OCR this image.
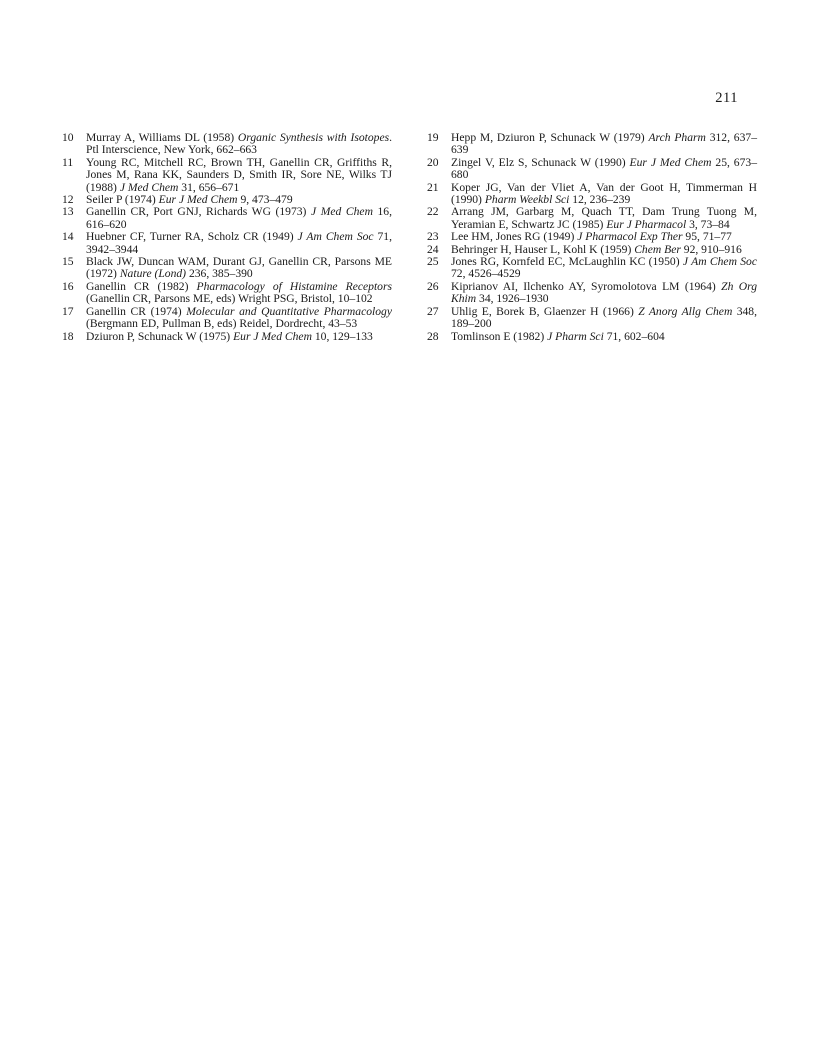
211
10	Murray A, Williams DL (1958) Organic Synthesis with Isotopes. Ptl Interscience, New York, 662–663
11	Young RC, Mitchell RC, Brown TH, Ganellin CR, Griffiths R, Jones M, Rana KK, Saunders D, Smith IR, Sore NE, Wilks TJ (1988) J Med Chem 31, 656–671
12	Seiler P (1974) Eur J Med Chem 9, 473–479
13	Ganellin CR, Port GNJ, Richards WG (1973) J Med Chem 16, 616–620
14	Huebner CF, Turner RA, Scholz CR (1949) J Am Chem Soc 71, 3942–3944
15	Black JW, Duncan WAM, Durant GJ, Ganellin CR, Parsons ME (1972) Nature (Lond) 236, 385–390
16	Ganellin CR (1982) Pharmacology of Histamine Receptors (Ganellin CR, Parsons ME, eds) Wright PSG, Bristol, 10–102
17	Ganellin CR (1974) Molecular and Quantitative Pharmacology (Bergmann ED, Pullman B, eds) Reidel, Dordrecht, 43–53
18	Dziuron P, Schunack W (1975) Eur J Med Chem 10, 129–133
19	Hepp M, Dziuron P, Schunack W (1979) Arch Pharm 312, 637–639
20	Zingel V, Elz S, Schunack W (1990) Eur J Med Chem 25, 673–680
21	Koper JG, Van der Vliet A, Van der Goot H, Timmerman H (1990) Pharm Weekbl Sci 12, 236–239
22	Arrang JM, Garbarg M, Quach TT, Dam Trung Tuong M, Yeramian E, Schwartz JC (1985) Eur J Pharmacol 3, 73–84
23	Lee HM, Jones RG (1949) J Pharmacol Exp Ther 95, 71–77
24	Behringer H, Hauser L, Kohl K (1959) Chem Ber 92, 910–916
25	Jones RG, Kornfeld EC, McLaughlin KC (1950) J Am Chem Soc 72, 4526–4529
26	Kiprianov AI, Ilchenko AY, Syromolotova LM (1964) Zh Org Khim 34, 1926–1930
27	Uhlig E, Borek B, Glaenzer H (1966) Z Anorg Allg Chem 348, 189–200
28	Tomlinson E (1982) J Pharm Sci 71, 602–604
